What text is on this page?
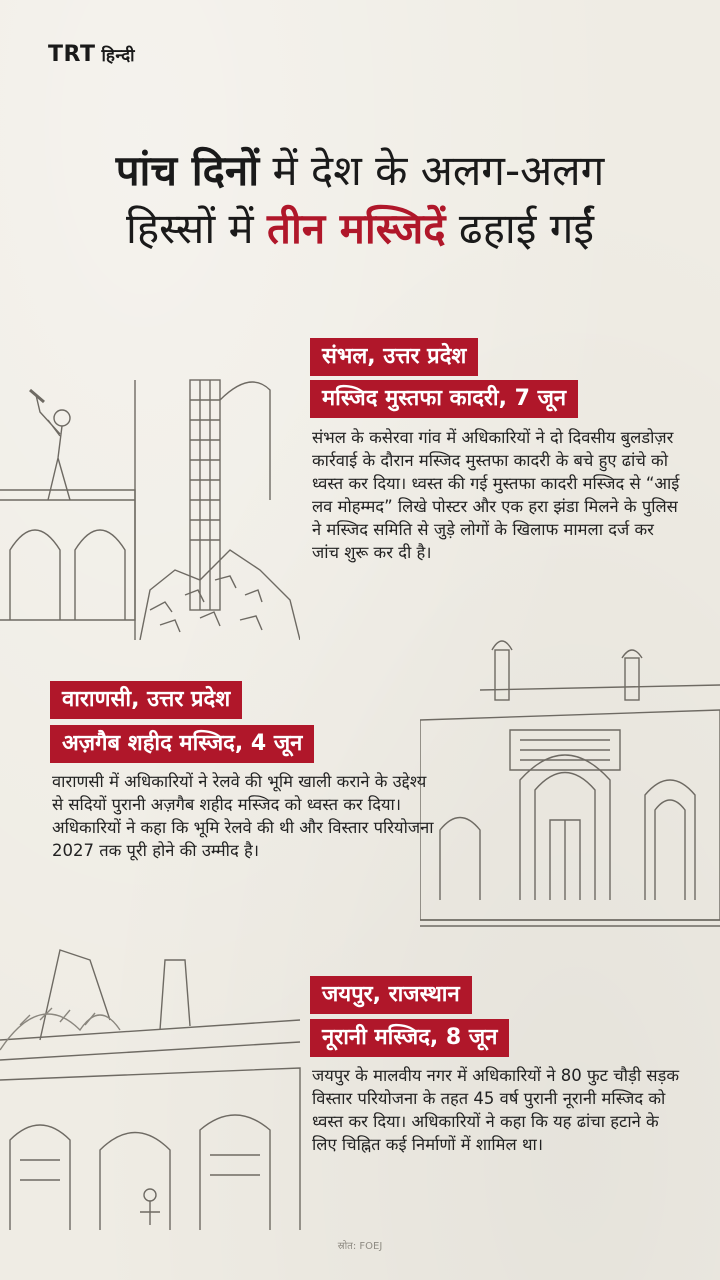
TRT हिन्दी
पांच दिनों में देश के अलग-अलग
हिस्सों में तीन मस्जिदें ढहाई गईं
संभल, उत्तर प्रदेश
मस्जिद मुस्तफा कादरी, 7 जून
संभल के कसेरवा गांव में अधिकारियों ने दो दिवसीय बुलडोज़र कार्रवाई के दौरान मस्जिद मुस्तफा कादरी के बचे हुए ढांचे को ध्वस्त कर दिया। ध्वस्त की गई मुस्तफा कादरी मस्जिद से “आई लव मोहम्मद” लिखे पोस्टर और एक हरा झंडा मिलने के पुलिस ने मस्जिद समिति से जुड़े लोगों के खिलाफ मामला दर्ज कर जांच शुरू कर दी है।
वाराणसी, उत्तर प्रदेश
अज़गैब शहीद मस्जिद, 4 जून
वाराणसी में अधिकारियों ने रेलवे की भूमि खाली कराने के उद्देश्य से सदियों पुरानी अज़गैब शहीद मस्जिद को ध्वस्त कर दिया। अधिकारियों ने कहा कि भूमि रेलवे की थी और विस्तार परियोजना 2027 तक पूरी होने की उम्मीद है।
जयपुर, राजस्थान
नूरानी मस्जिद, 8 जून
जयपुर के मालवीय नगर में अधिकारियों ने 80 फुट चौड़ी सड़क विस्तार परियोजना के तहत 45 वर्ष पुरानी नूरानी मस्जिद को ध्वस्त कर दिया। अधिकारियों ने कहा कि यह ढांचा हटाने के लिए चिह्नित कई निर्माणों में शामिल था।
स्रोत: FOEJ
